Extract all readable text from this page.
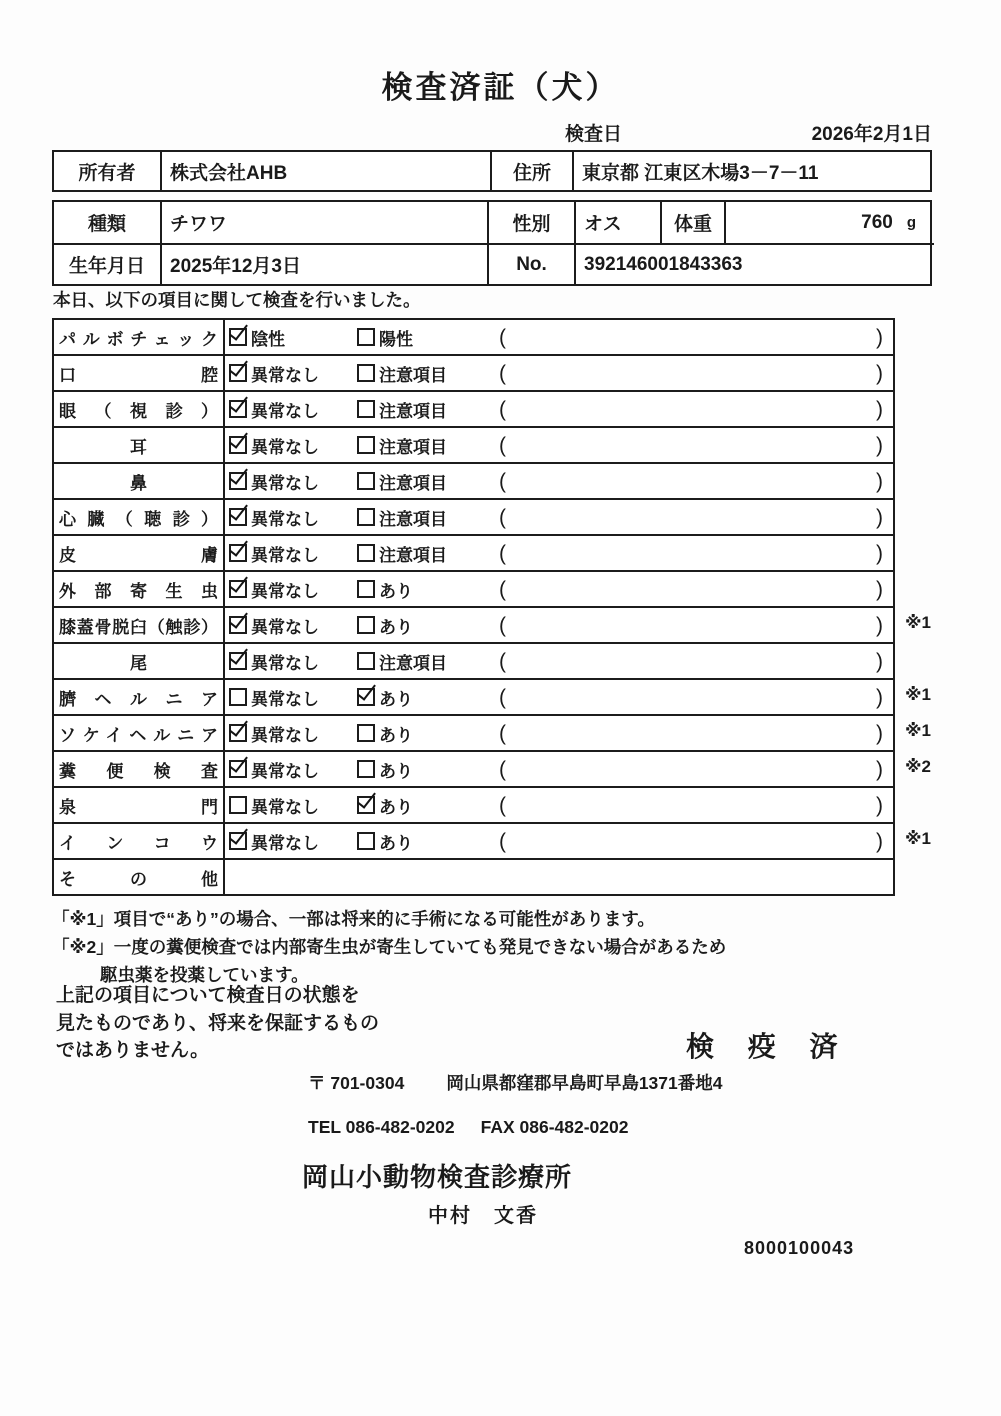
検査済証（犬）
検査日	2026年2月1日
所有者	株式会社AHB	住所	東京都 江東区木場3－7－11
種類	チワワ	性別	オス	体重	760 g
生年月日	2025年12月3日	No.	392146001843363
本日、以下の項目に関して検査を行いました。
パルボチェック	陰性	陽性	(	)
口腔	異常なし	注意項目 (	)
眼（視診）	異常なし	注意項目 (	)
耳	異常なし	注意項目 (	)
鼻	異常なし	注意項目 (	)
心臓（聴診）	異常なし	注意項目 (	)
皮膚	異常なし	注意項目 (	)
外部寄生虫	異常なし	あり	(	)
膝蓋骨脱臼（触診）	異常なし	あり	(	) ※1
尾	異常なし	注意項目 (	)
臍ヘルニア	異常なし	あり	(	) ※1
ソケイヘルニア	異常なし	あり	(	) ※1
糞便検査	異常なし	あり	(	) ※2
泉門	異常なし	あり	(	)
インコウ	異常なし	あり	(	) ※1
その他
「※1」項目で“あり”の場合、一部は将来的に手術になる可能性があります。
「※2」一度の糞便検査では内部寄生虫が寄生していても発見できない場合があるため
駆虫薬を投薬しています。
上記の項目について検査日の状態を
見たものであり、将来を保証するもの
ではありません。	検 疫 済
〒 701-0304 岡山県都窪郡早島町早島1371番地4
TEL 086-482-0202 FAX 086-482-0202
岡山小動物検査診療所
中村　文香
8000100043
